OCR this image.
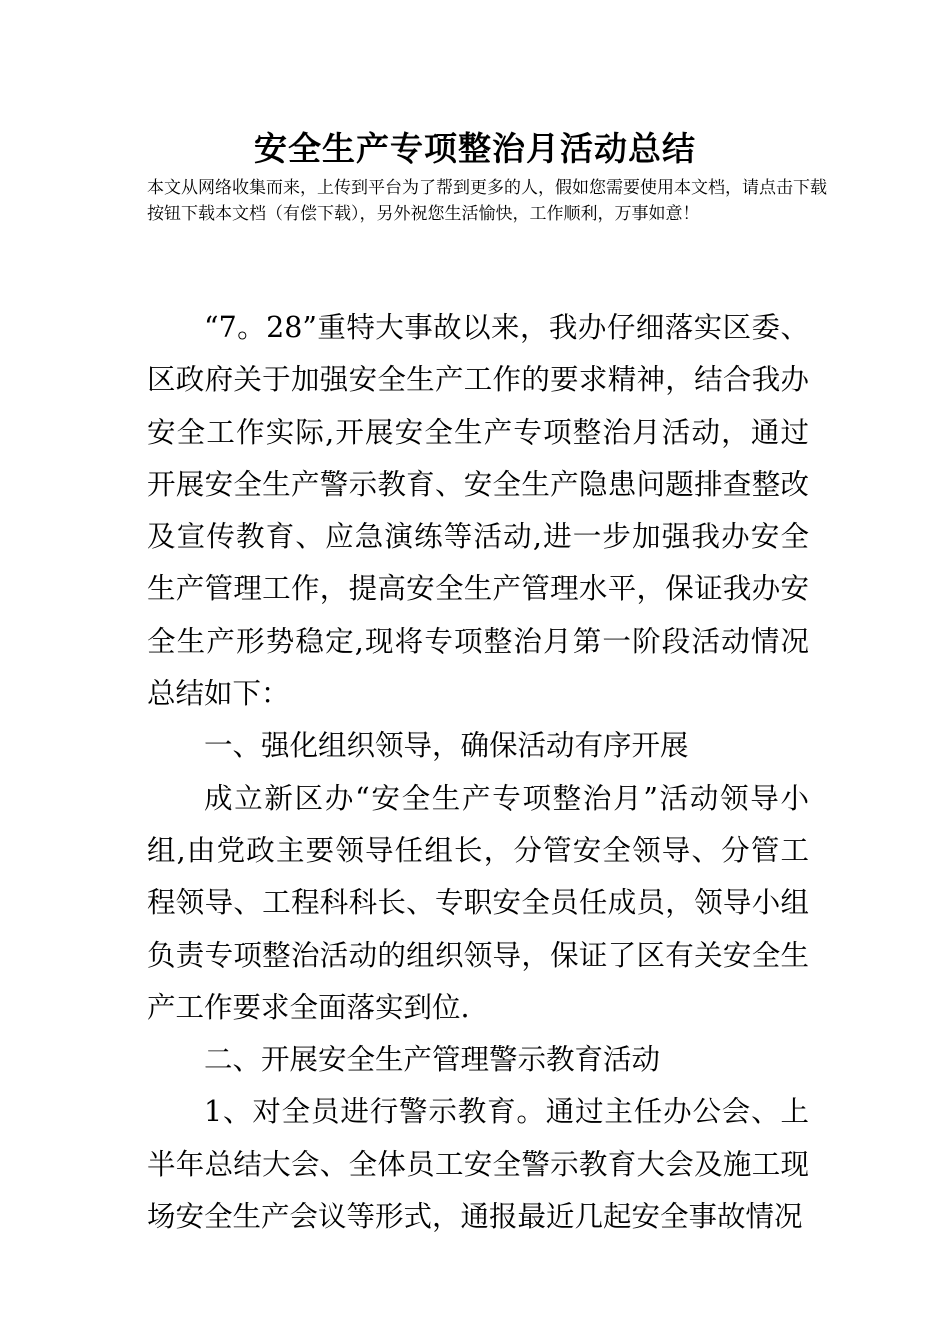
安全生产专项整治月活动总结
本文从网络收集而来，上传到平台为了帮到更多的人，假如您需要使用本文档，请点击下载按钮下载本文档（有偿下载），另外祝您生活愉快，工作顺利，万事如意！

“7。28”重特大事故以来，我办仔细落实区委、区政府关于加强安全生产工作的要求精神，结合我办安全工作实际,开展安全生产专项整治月活动，通过开展安全生产警示教育、安全生产隐患问题排查整改及宣传教育、应急演练等活动,进一步加强我办安全生产管理工作，提高安全生产管理水平，保证我办安全生产形势稳定,现将专项整治月第一阶段活动情况总结如下：

一、强化组织领导，确保活动有序开展

成立新区办“安全生产专项整治月”活动领导小组,由党政主要领导任组长，分管安全领导、分管工程领导、工程科科长、专职安全员任成员，领导小组负责专项整治活动的组织领导，保证了区有关安全生产工作要求全面落实到位.

二、开展安全生产管理警示教育活动

1、对全员进行警示教育。通过主任办公会、上半年总结大会、全体员工安全警示教育大会及施工现场安全生产会议等形式，通报最近几起安全事故情况
